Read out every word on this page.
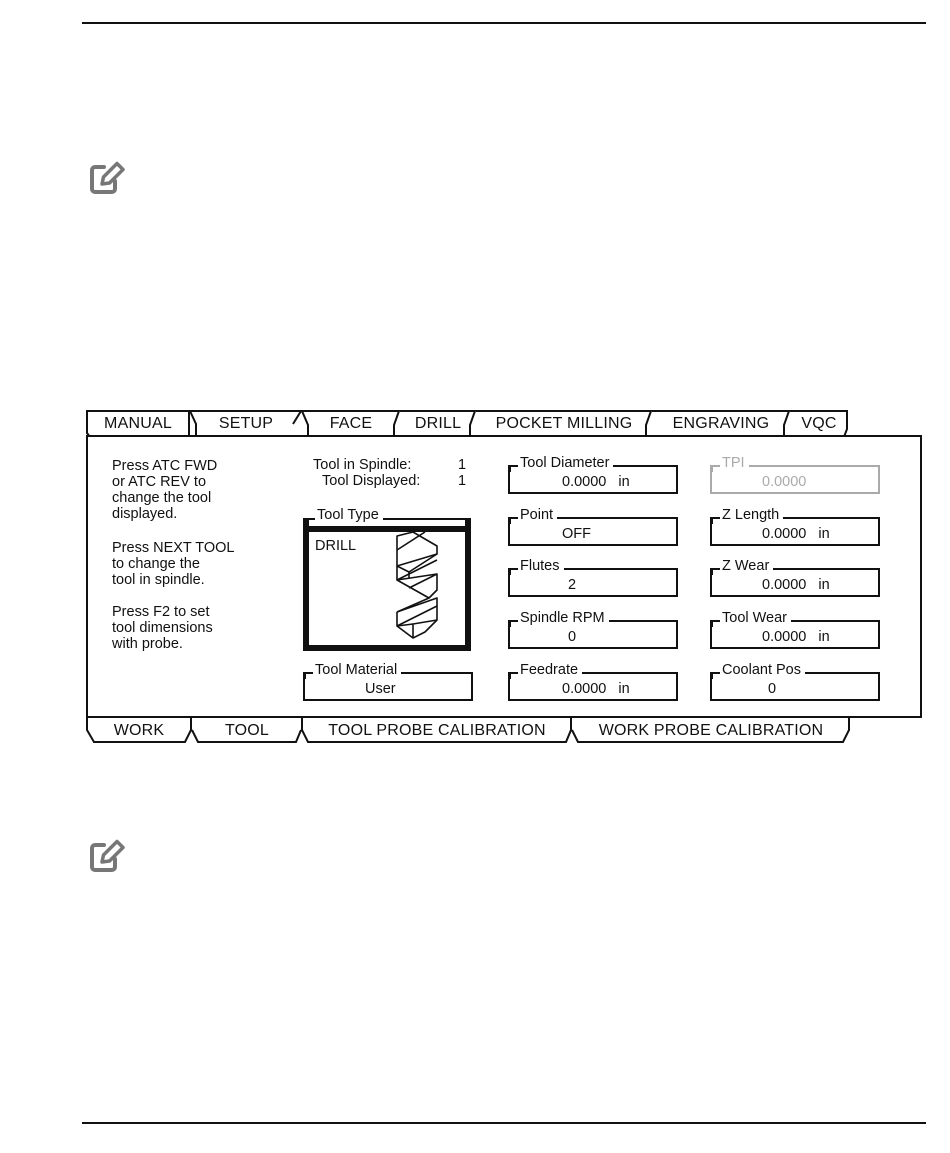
MANUAL	SETUP	FACE	DRILL POCKET MILLING	ENGRAVING VQC
Press ATC FWD
or ATC REV to
change the tool
displayed.
Press NEXT TOOL
to change the
tool in spindle.
Press F2 to set
tool dimensions
with probe.
Tool in Spindle:	1
Tool Displayed:	1
Tool Type
DRILL
Tool Material
User
Tool Diameter
0.0000   in
Point
OFF
Flutes
2
Spindle RPM
0
Feedrate
0.0000   in
TPI
0.0000
Z Length
0.0000   in
Z Wear
0.0000   in
Tool Wear
0.0000   in
Coolant Pos
0
WORK	TOOL	TOOL PROBE CALIBRATION	WORK PROBE CALIBRATION
